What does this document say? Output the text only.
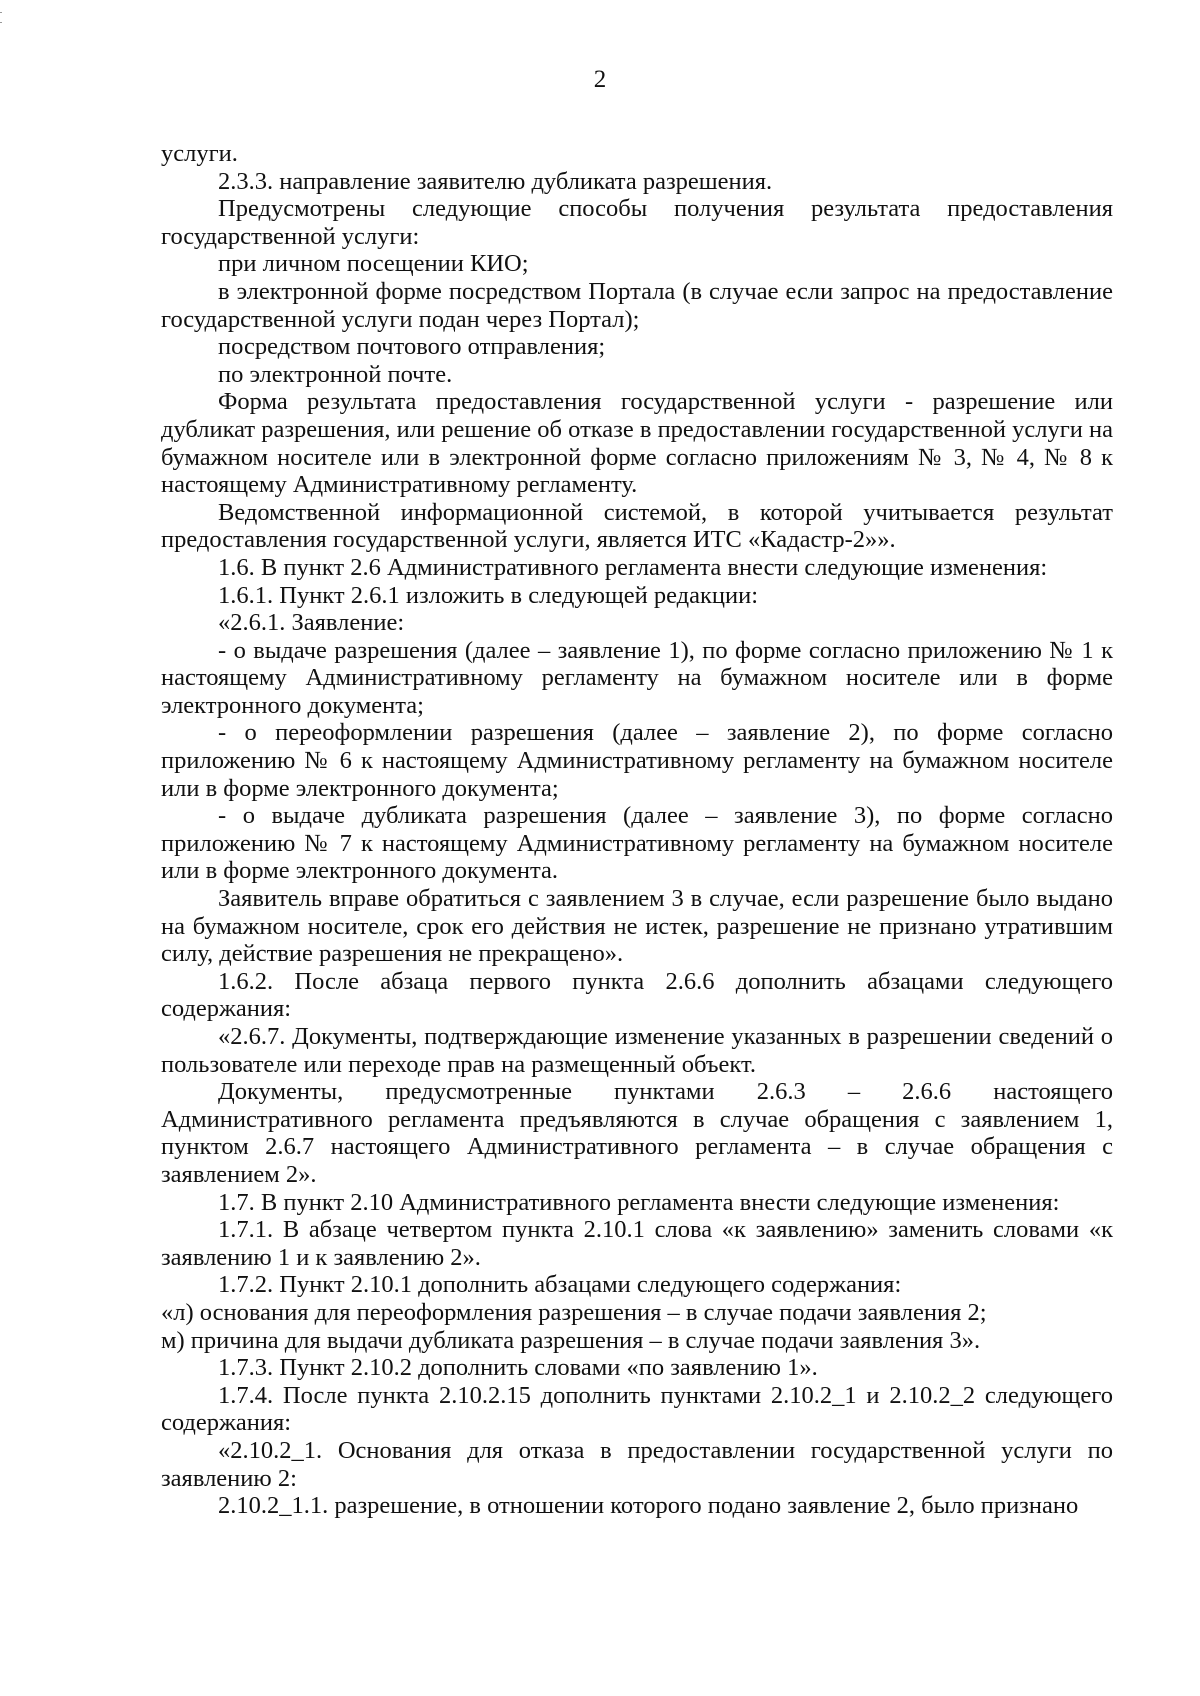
2

услуги.

2.3.3. направление заявителю дубликата разрешения.

Предусмотрены следующие способы получения результата предоставления государственной услуги:

при личном посещении КИО;

в электронной форме посредством Портала (в случае если запрос на предоставление государственной услуги подан через Портал);

посредством почтового отправления;

по электронной почте.

Форма результата предоставления государственной услуги - разрешение или дубликат разрешения, или решение об отказе в предоставлении государственной услуги на бумажном носителе или в электронной форме согласно приложениям № 3, № 4, № 8 к настоящему Административному регламенту.

Ведомственной информационной системой, в которой учитывается результат предоставления государственной услуги, является ИТС «Кадастр-2»».

1.6. В пункт 2.6 Административного регламента внести следующие изменения:

1.6.1. Пункт 2.6.1 изложить в следующей редакции:

«2.6.1. Заявление:

- о выдаче разрешения (далее – заявление 1), по форме согласно приложению № 1 к настоящему Административному регламенту на бумажном носителе или в форме электронного документа;

- о переоформлении разрешения (далее – заявление 2), по форме согласно приложению № 6 к настоящему Административному регламенту на бумажном носителе или в форме электронного документа;

- о выдаче дубликата разрешения (далее – заявление 3), по форме согласно приложению № 7 к настоящему Административному регламенту на бумажном носителе или в форме электронного документа.

Заявитель вправе обратиться с заявлением 3 в случае, если разрешение было выдано на бумажном носителе, срок его действия не истек, разрешение не признано утратившим силу, действие разрешения не прекращено».

1.6.2. После абзаца первого пункта 2.6.6 дополнить абзацами следующего содержания:

«2.6.7. Документы, подтверждающие изменение указанных в разрешении сведений о пользователе или переходе прав на размещенный объект.

Документы, предусмотренные пунктами 2.6.3 – 2.6.6 настоящего Административного регламента предъявляются в случае обращения с заявлением 1, пунктом 2.6.7 настоящего Административного регламента – в случае обращения с заявлением 2».

1.7. В пункт 2.10 Административного регламента внести следующие изменения:

1.7.1. В абзаце четвертом пункта 2.10.1 слова «к заявлению» заменить словами «к заявлению 1 и к заявлению 2».

1.7.2. Пункт 2.10.1 дополнить абзацами следующего содержания:

«л) основания для переоформления разрешения – в случае подачи заявления 2;

м) причина для выдачи дубликата разрешения – в случае подачи заявления 3».

1.7.3. Пункт 2.10.2 дополнить словами «по заявлению 1».

1.7.4. После пункта 2.10.2.15 дополнить пунктами 2.10.2_1 и 2.10.2_2 следующего содержания:

«2.10.2_1. Основания для отказа в предоставлении государственной услуги по заявлению 2:

2.10.2_1.1. разрешение, в отношении которого подано заявление 2, было признано
